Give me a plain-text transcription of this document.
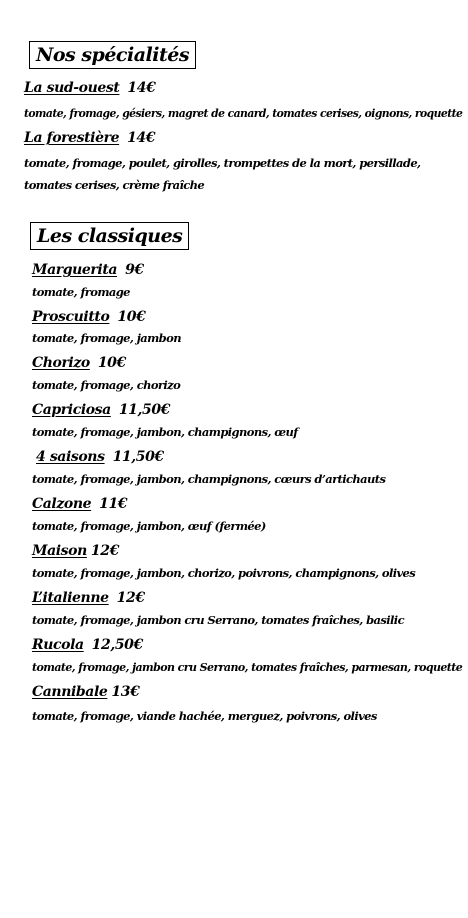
Nos spécialités
La sud-ouest 14€
tomate, fromage, gésiers, magret de canard, tomates cerises, oignons, roquette
La forestière 14€
tomate, fromage, poulet, girolles, trompettes de la mort, persillade,
tomates cerises, crème fraîche
Les classiques
Marguerita 9€
tomate, fromage
Proscuitto 10€
tomate, fromage, jambon
Chorizo 10€
tomate, fromage, chorizo
Capriciosa 11,50€
tomate, fromage, jambon, champignons, œuf
4 saisons 11,50€
tomate, fromage, jambon, champignons, cœurs d’artichauts
Calzone 11€
tomate, fromage, jambon, œuf (fermée)
Maison 12€
tomate, fromage, jambon, chorizo, poivrons, champignons, olives
L’italienne 12€
tomate, fromage, jambon cru Serrano, tomates fraîches, basilic
Rucola 12,50€
tomate, fromage, jambon cru Serrano, tomates fraîches, parmesan, roquette
Cannibale 13€
tomate, fromage, viande hachée, merguez, poivrons, olives
